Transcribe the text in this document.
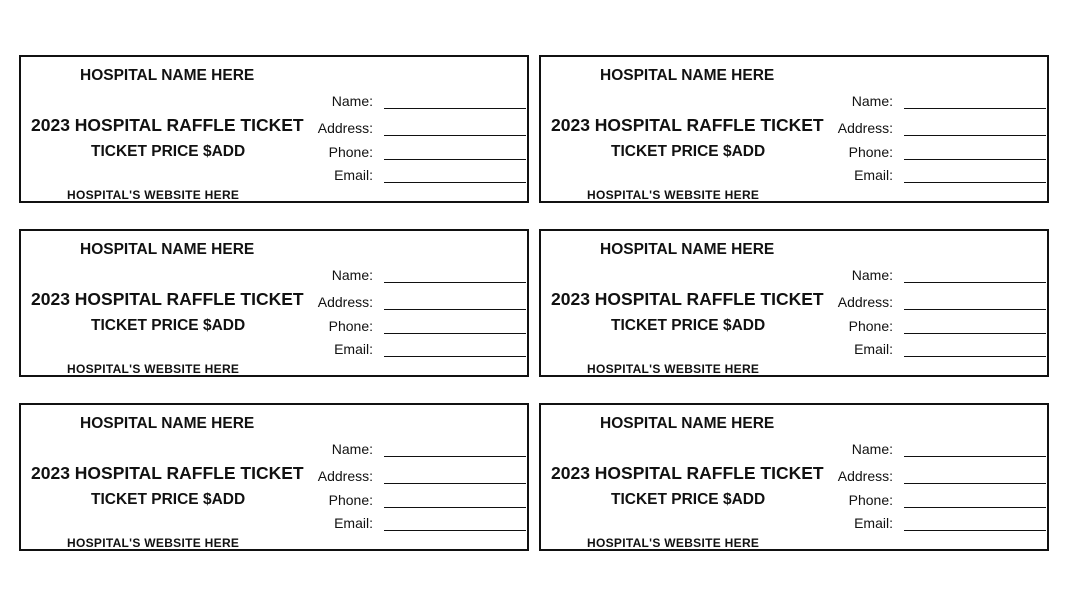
HOSPITAL NAME HERE
2023 HOSPITAL RAFFLE TICKET
TICKET PRICE $ADD
HOSPITAL'S WEBSITE HERE
Name:
Address:
Phone:
Email:
HOSPITAL NAME HERE
2023 HOSPITAL RAFFLE TICKET
TICKET PRICE $ADD
HOSPITAL'S WEBSITE HERE
Name:
Address:
Phone:
Email:
HOSPITAL NAME HERE
2023 HOSPITAL RAFFLE TICKET
TICKET PRICE $ADD
HOSPITAL'S WEBSITE HERE
Name:
Address:
Phone:
Email:
HOSPITAL NAME HERE
2023 HOSPITAL RAFFLE TICKET
TICKET PRICE $ADD
HOSPITAL'S WEBSITE HERE
Name:
Address:
Phone:
Email:
HOSPITAL NAME HERE
2023 HOSPITAL RAFFLE TICKET
TICKET PRICE $ADD
HOSPITAL'S WEBSITE HERE
Name:
Address:
Phone:
Email:
HOSPITAL NAME HERE
2023 HOSPITAL RAFFLE TICKET
TICKET PRICE $ADD
HOSPITAL'S WEBSITE HERE
Name:
Address:
Phone:
Email:
